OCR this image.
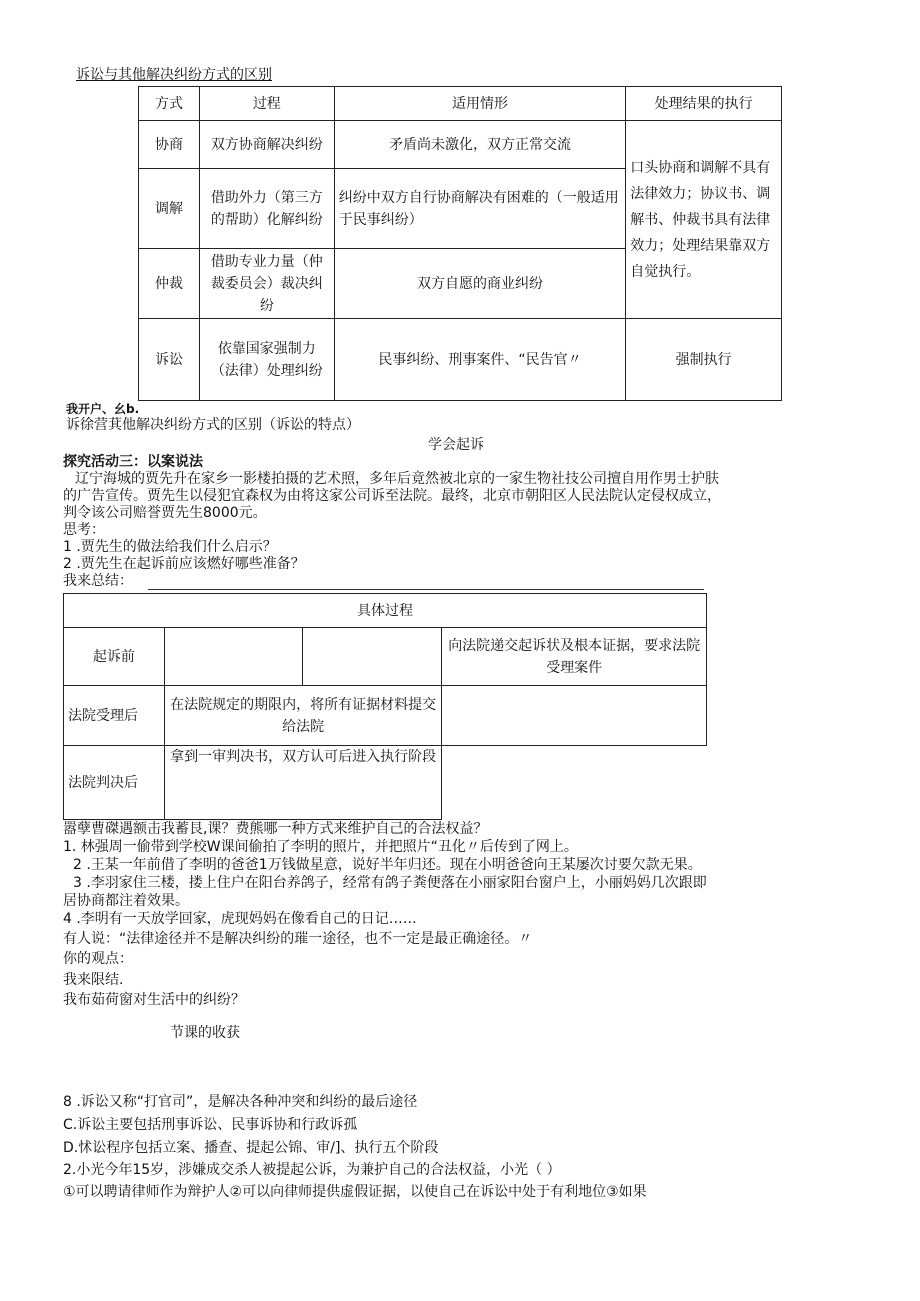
诉讼与其他解决纠纷方式的区别
方式	过程	适用情形	处理结果的执行
协商	双方协商解决纠纷	矛盾尚未激化，双方正常交流	口头协商和调解不具有法律效力；协议书、调解书、仲裁书具有法律效力；处理结果靠双方自觉执行。
调解	借助外力（第三方的帮助）化解纠纷	纠纷中双方自行协商解决有困难的（一般适用于民事纠纷）	
仲裁	借助专业力量（仲裁委员会）裁决纠纷	双方自愿的商业纠纷	
诉讼	依靠国家强制力（法律）处理纠纷	民事纠纷、刑事案件、“民告官〃	强制执行
我开户、幺b.
诉徐营萁他解决纠纷方式的区别（诉讼的特点）
学会起诉
探究活动三：以案说法
辽宁海城的贾先升在家乡一影楼拍摄的艺术照，多年后竟然被北京的一家生物社技公司擅自用作男士护肤
的广告宣传。贾先生以侵犯宜森权为由将这家公司诉至法院。最终，北京市朝阳区人民法院认定侵权成立，
判令该公司赔誉贾先生8000元。
思考：
1 .贾先生的做法给我们什么启示？
2 .贾先生在起诉前应该燃好哪些准备？
我来总结：
具体过程			
起诉前			向法院递交起诉状及根本证据，要求法院受理案件
法院受理后	在法院规定的期限内，将所有证据材料提交给法院		
法院判决后	拿到一审判决书，双方认可后进入执行阶段		
嚣孽曹磔遇额击我蓄艮,课？费熊哪一种方式来维护自己的合法权益？
1. 林强周一偷带到学校W课间偷拍了李明的照片，并把照片“丑化〃后传到了网上。
2 .王某一年前借了李明的爸爸1万钱做星意，说好半年归还。现在小明爸爸向王某屡次讨要欠款无果。
3 .李羽家住三楼，搂上住户在阳台养鸽子，经常有鸽子粪便落在小丽家阳台窗户上，小丽妈妈几次跟即
居协商都注着效果。
4 .李明有一天放学回家，虎现妈妈在像看自己的日记……
有人说：“法律途径并不是解决纠纷的璀一途径，也不一定是最正确途径。〃
你的观点：
我来限结.
我布茹荷窗对生活中的纠纷？
节课的收获
8 .诉讼又称“打官司”，是解决各种冲突和纠纷的最后途径
C.诉讼主要包括刑事诉讼、民事诉协和行政诉孤
D.怵讼程序包括立案、播查、提起公锦、审/]、执行五个阶段
2.小光今年15岁，涉嫌成交杀人被提起公诉，为兼护自己的合法权益，小光（ ）
①可以聘请律师作为辩护人②可以向律师提供虚假证据，以使自己在诉讼中处于有利地位③如果
